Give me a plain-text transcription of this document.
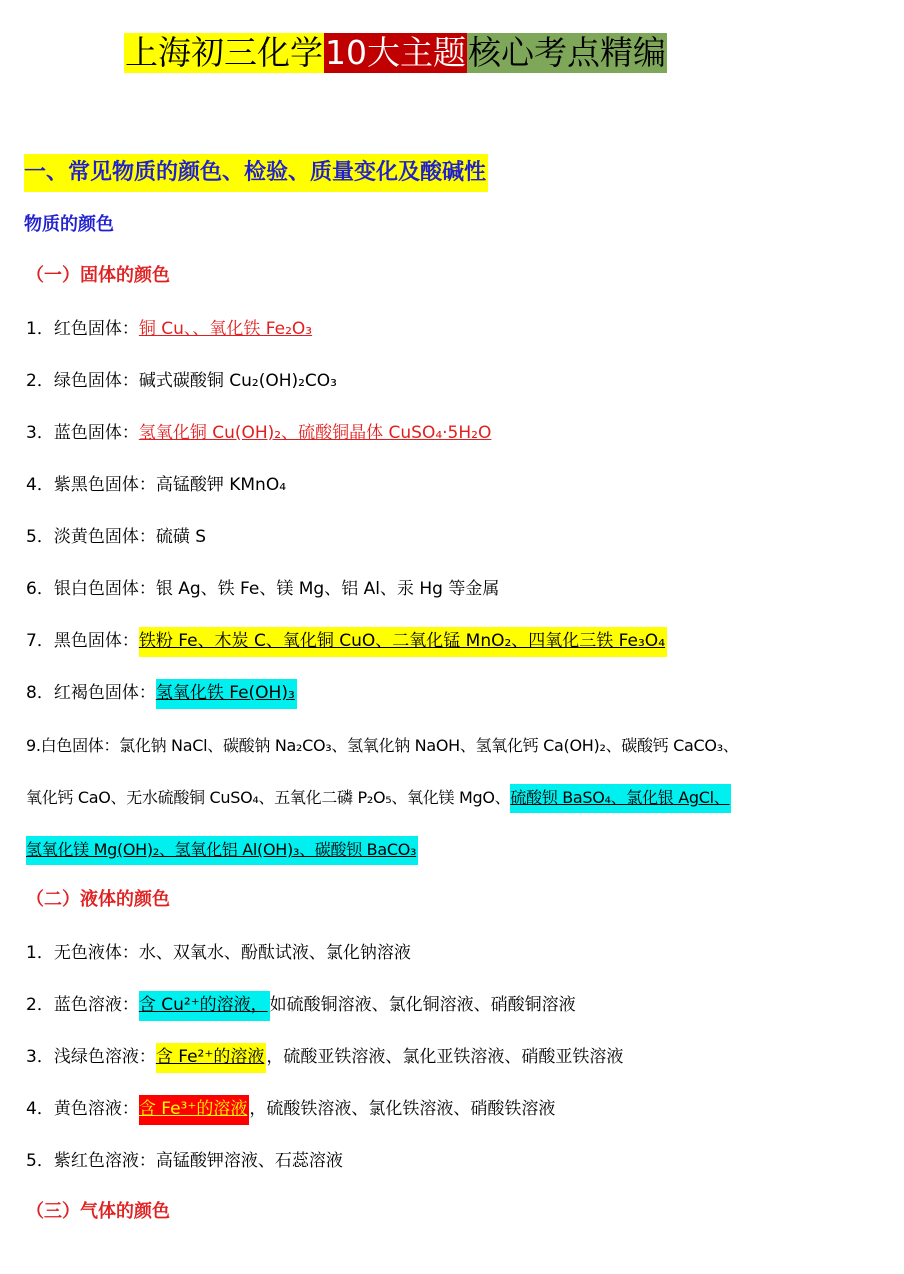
上海初三化学10大主题核心考点精编
一、常见物质的颜色、检验、质量变化及酸碱性
物质的颜色
（一）固体的颜色
1．红色固体：铜 Cu、、氧化铁 Fe₂O₃
2．绿色固体：碱式碳酸铜 Cu₂(OH)₂CO₃
3．蓝色固体：氢氧化铜 Cu(OH)₂、硫酸铜晶体 CuSO₄·5H₂O
4．紫黑色固体：高锰酸钾 KMnO₄
5．淡黄色固体：硫磺 S
6．银白色固体：银 Ag、铁 Fe、镁 Mg、铝 Al、汞 Hg 等金属
7．黑色固体：铁粉 Fe、木炭 C、氧化铜 CuO、二氧化锰 MnO₂、四氧化三铁 Fe₃O₄
8．红褐色固体：氢氧化铁 Fe(OH)₃
9.白色固体：氯化钠 NaCl、碳酸钠 Na₂CO₃、氢氧化钠 NaOH、氢氧化钙 Ca(OH)₂、碳酸钙 CaCO₃、
氧化钙 CaO、无水硫酸铜 CuSO₄、五氧化二磷 P₂O₅、氧化镁 MgO、硫酸钡 BaSO₄、氯化银 AgCl、
氢氧化镁 Mg(OH)₂、氢氧化铝 Al(OH)₃、碳酸钡 BaCO₃
（二）液体的颜色
1．无色液体：水、双氧水、酚酞试液、氯化钠溶液
2．蓝色溶液：含 Cu²⁺的溶液， 如硫酸铜溶液、氯化铜溶液、硝酸铜溶液
3．浅绿色溶液：含 Fe²⁺的溶液 ，硫酸亚铁溶液、氯化亚铁溶液、硝酸亚铁溶液
4．黄色溶液：含 Fe³⁺的溶液 ，硫酸铁溶液、氯化铁溶液、硝酸铁溶液
5．紫红色溶液：高锰酸钾溶液、石蕊溶液
（三）气体的颜色
